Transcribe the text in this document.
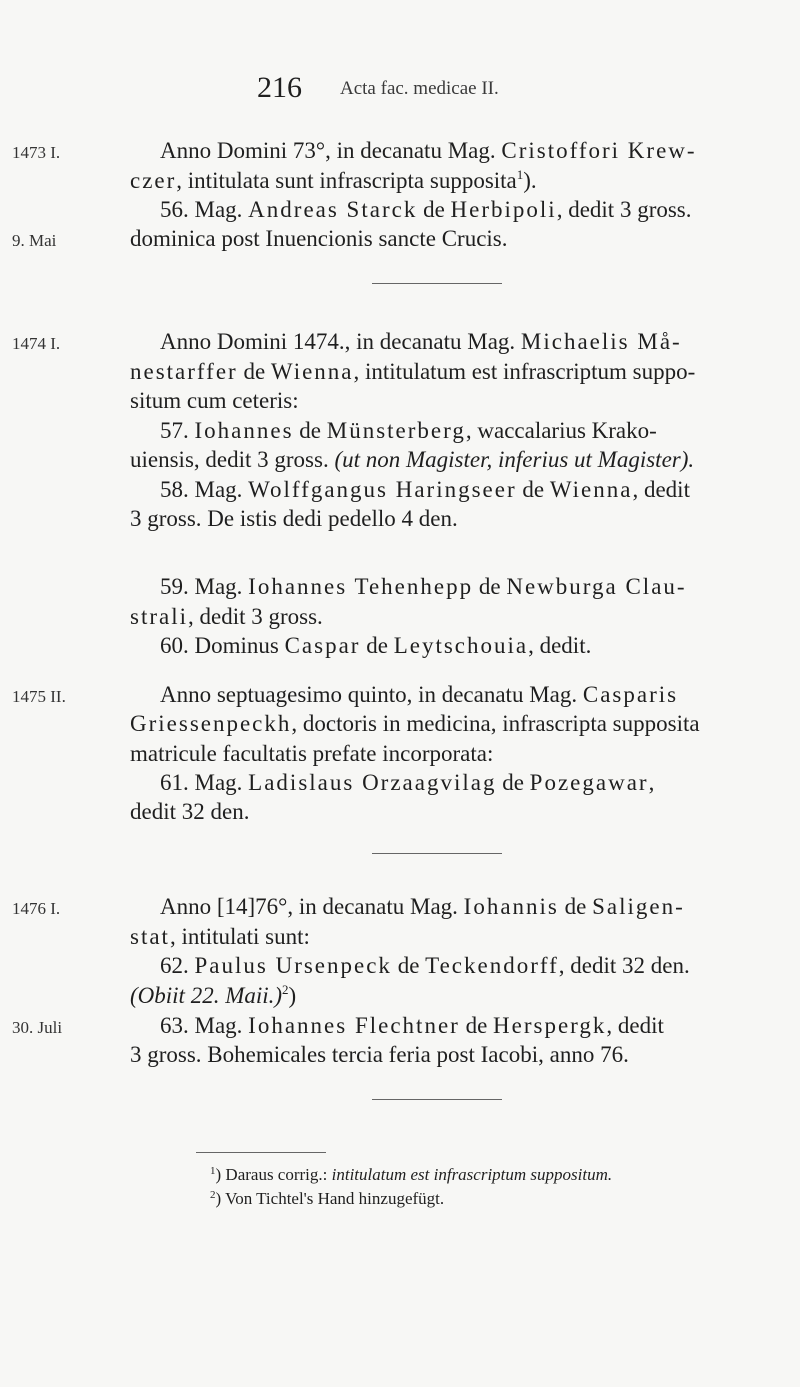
216 Acta fac. medicae II.
1473 I.
9. Mai
1474 I.
1475 II.
1476 I.
30. Juli
Anno Domini 73°, in decanatu Mag. Cristoffori Krew-
czer, intitulata sunt infrascripta supposita$^1$).
56. Mag. Andreas Starck de Herbipoli, dedit 3 gross.
dominica post Inuencionis sancte Crucis.
Anno Domini 1474., in decanatu Mag. Michaelis Må-
nestarffer de Wienna, intitulatum est infrascriptum suppo-
situm cum ceteris:
57. Iohannes de Münsterberg, waccalarius Krako-
uiensis, dedit 3 gross. (ut non Magister, inferius ut Magister).
58. Mag. Wolffgangus Haringseer de Wienna, dedit
3 gross. De istis dedi pedello 4 den.
59. Mag. Iohannes Tehenhepp de Newburga Clau-
strali, dedit 3 gross.
60. Dominus Caspar de Leytschouia, dedit.
Anno septuagesimo quinto, in decanatu Mag. Casparis
Griessenpeckh, doctoris in medicina, infrascripta supposita
matricule facultatis prefate incorporata:
61. Mag. Ladislaus Orzaagvilag de Pozegawar,
dedit 32 den.
Anno [14]76°, in decanatu Mag. Iohannis de Saligen-
stat, intitulati sunt:
62. Paulus Ursenpeck de Teckendorff, dedit 32 den.
(Obiit 22. Maii.)$^2$)
63. Mag. Iohannes Flechtner de Herspergk, dedit
3 gross. Bohemicales tercia feria post Iacobi, anno 76.
$^1$) Daraus corrig.: intitulatum est infrascriptum suppositum.
$^2$) Von Tichtel's Hand hinzugefügt.
